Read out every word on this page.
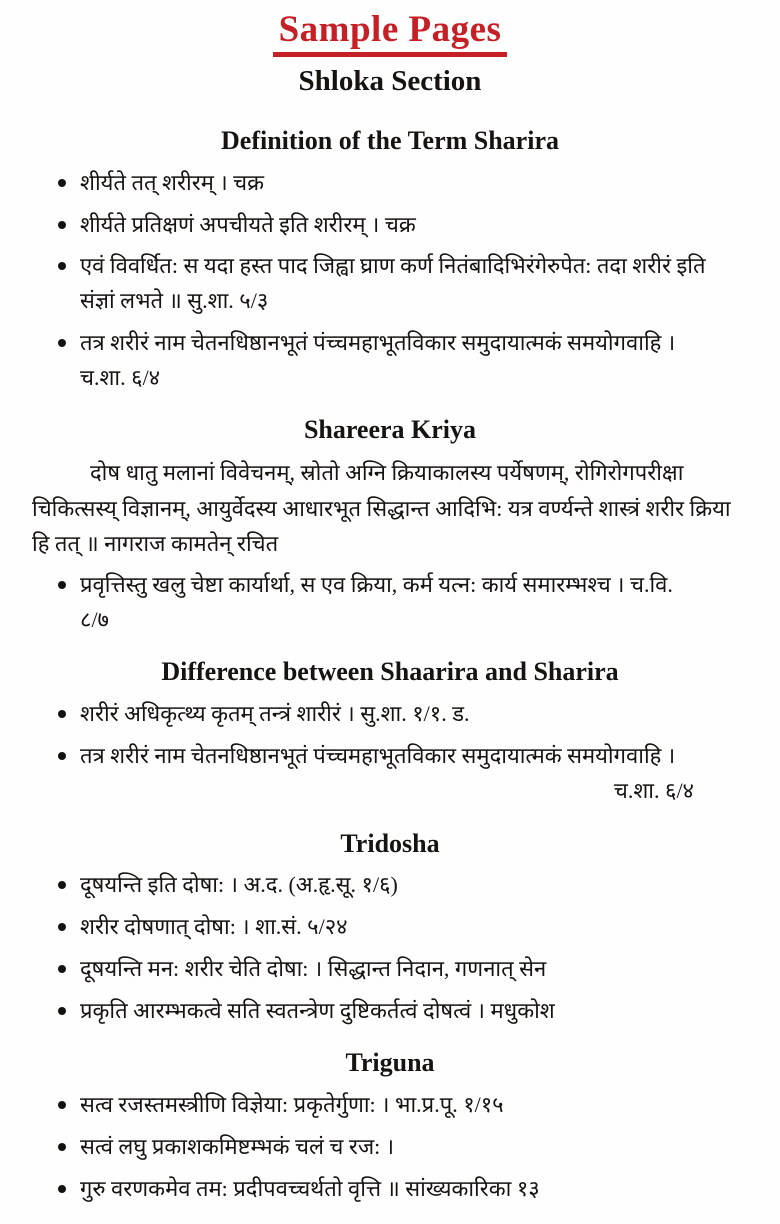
Sample Pages
Shloka Section
Definition of the Term Sharira
शीर्यते तत् शरीरम् । चक्र
शीर्यते प्रतिक्षणं अपचीयते इति शरीरम् । चक्र
एवं विवर्धित: स यदा हस्त पाद जिह्वा घ्राण कर्ण नितंबादिभिरंगेरुपेत: तदा शरीरं इति संज्ञां लभते ॥ सु.शा. ५/३
तत्र शरीरं नाम चेतनधिष्ठानभूतं पंच्चमहाभूतविकार समुदायात्मकं समयोगवाहि ।
च.शा. ६/४
Shareera Kriya
दोष धातु मलानां विवेचनम्, स्रोतो अग्नि क्रियाकालस्य पर्येषणम्, रोगिरोगपरीक्षा चिकित्सस्य् विज्ञानम्, आयुर्वेदस्य आधारभूत सिद्धान्त आदिभि: यत्र वर्ण्यन्ते शास्त्रं शरीर क्रिया हि तत् ॥ नागराज कामतेन् रचित
प्रवृत्तिस्तु खलु चेष्टा कार्यार्था, स एव क्रिया, कर्म यत्न: कार्य समारम्भश्च । च.वि.
८/७
Difference between Shaarira and Sharira
शरीरं अधिकृत्थ्य कृतम् तन्त्रं शारीरं । सु.शा. १/१. ड.
तत्र शरीरं नाम चेतनधिष्ठानभूतं पंच्चमहाभूतविकार समुदायात्मकं समयोगवाहि ।
च.शा. ६/४
Tridosha
दूषयन्ति इति दोषा: । अ.द. (अ.हृ.सू. १/६)
शरीर दोषणात् दोषा: । शा.सं. ५/२४
दूषयन्ति मन: शरीर चेति दोषा: । सिद्धान्त निदान, गणनात् सेन
प्रकृति आरम्भकत्वे सति स्वतन्त्रेण दुष्टिकर्तत्वं दोषत्वं । मधुकोश
Triguna
सत्व रजस्तमस्त्रीणि विज्ञेया: प्रकृतेर्गुणा: । भा.प्र.पू. १/१५
सत्वं लघु प्रकाशकमिष्टम्भकं चलं च रज: ।
गुरु वरणकमेव तम: प्रदीपवच्चर्थतो वृत्ति ॥ सांख्यकारिका १३
